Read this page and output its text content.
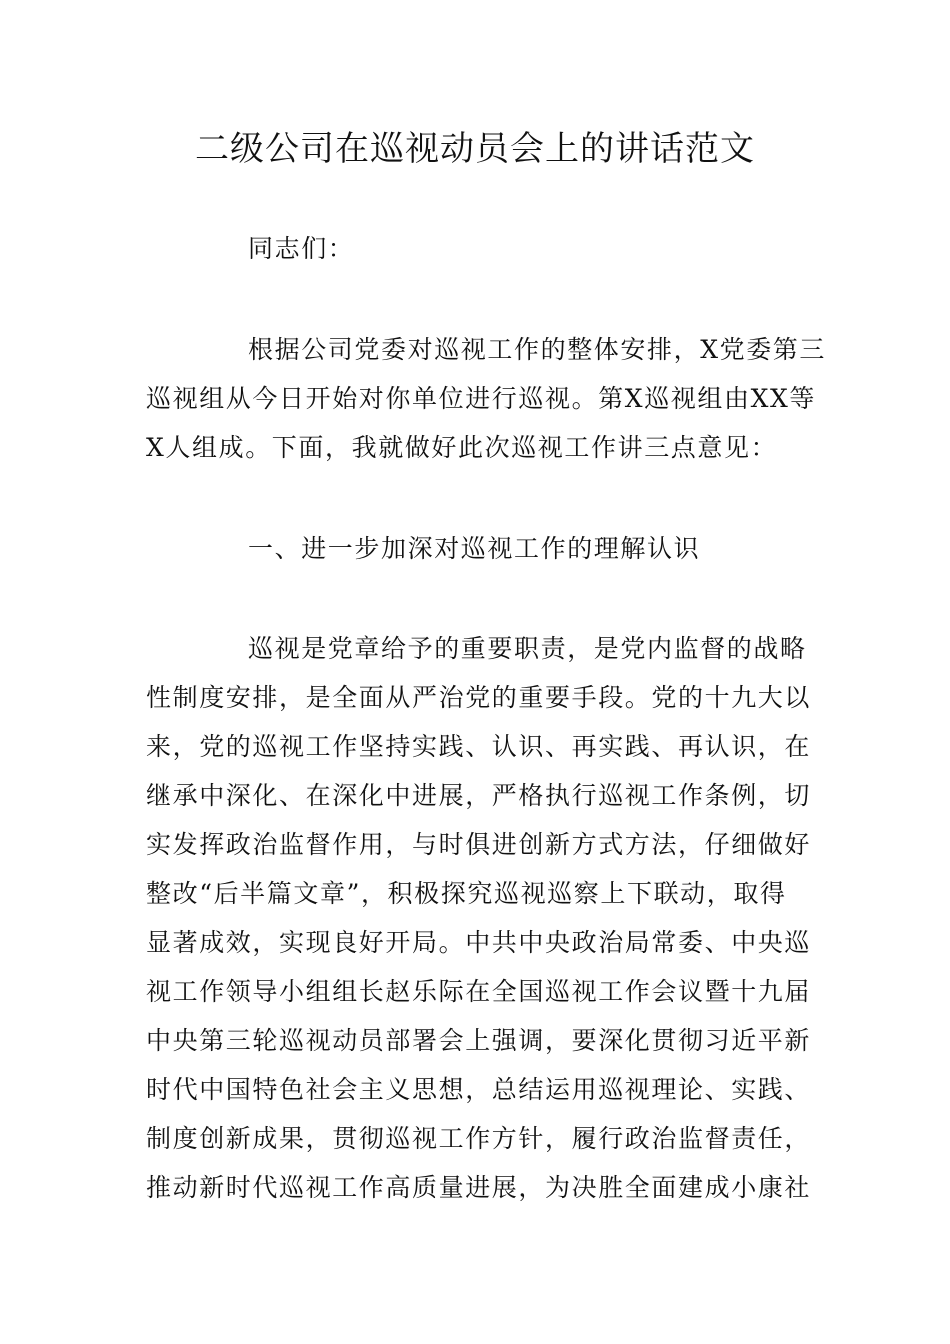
二级公司在巡视动员会上的讲话范文

同志们：

根据公司党委对巡视工作的整体安排，X党委第三
巡视组从今日开始对你单位进行巡视。第X巡视组由XX等
X人组成。下面，我就做好此次巡视工作讲三点意见：

一、进一步加深对巡视工作的理解认识

巡视是党章给予的重要职责，是党内监督的战略
性制度安排，是全面从严治党的重要手段。党的十九大以
来，党的巡视工作坚持实践、认识、再实践、再认识，在
继承中深化、在深化中进展，严格执行巡视工作条例，切
实发挥政治监督作用，与时俱进创新方式方法，仔细做好
整改“后半篇文章”，积极探究巡视巡察上下联动，取得
显著成效，实现良好开局。中共中央政治局常委、中央巡
视工作领导小组组长赵乐际在全国巡视工作会议暨十九届
中央第三轮巡视动员部署会上强调，要深化贯彻习近平新
时代中国特色社会主义思想，总结运用巡视理论、实践、
制度创新成果，贯彻巡视工作方针，履行政治监督责任，
推动新时代巡视工作高质量进展，为决胜全面建成小康社
